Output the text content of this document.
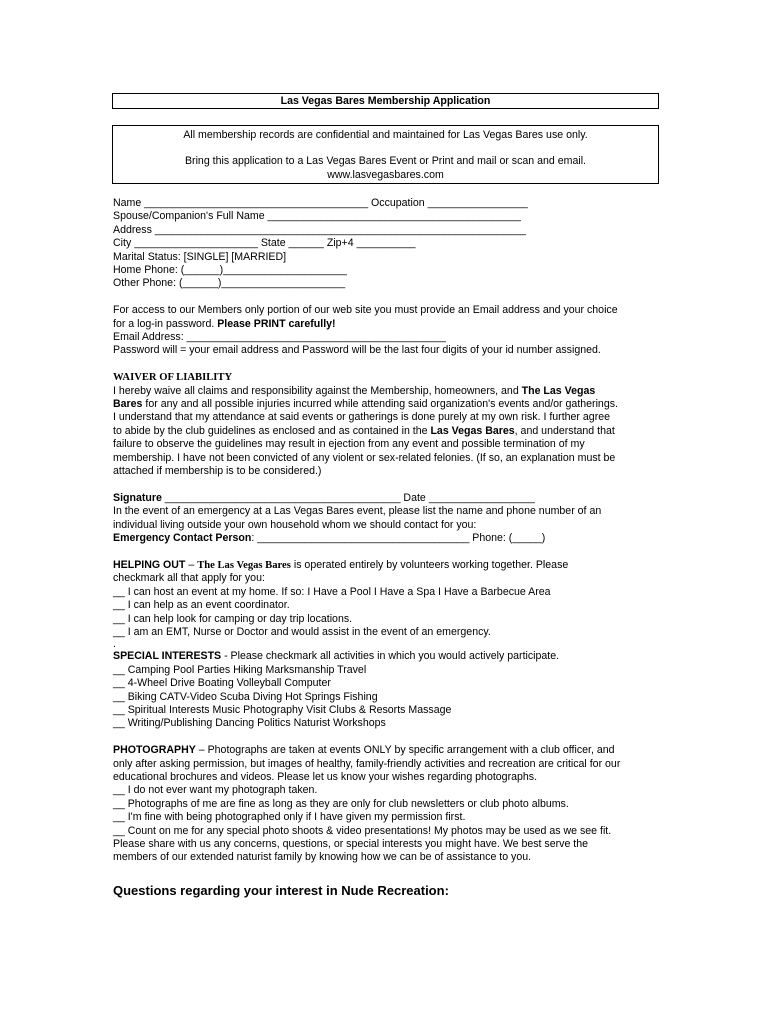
Las Vegas Bares Membership Application

All membership records are confidential and maintained for Las Vegas Bares use only.

Bring this application to a Las Vegas Bares Event or Print and mail or scan and email.

www.lasvegasbares.com

Name ______________________________________ Occupation _________________

Spouse/Companion's Full Name ___________________________________________

Address _______________________________________________________________

City _____________________ State ______ Zip+4 __________

Marital Status: [SINGLE] [MARRIED]

Home Phone: (______)_____________________

Other Phone: (______)_____________________

For access to our Members only portion of our web site you must provide an Email address and your choice

for a log-in password. Please PRINT carefully!

Email Address: ____________________________________________

Password will = your email address and Password will be the last four digits of your id number assigned.

WAIVER OF LIABILITY

I hereby waive all claims and responsibility against the Membership, homeowners, and The Las Vegas

Bares for any and all possible injuries incurred while attending said organization's events and/or gatherings.

I understand that my attendance at said events or gatherings is done purely at my own risk. I further agree

to abide by the club guidelines as enclosed and as contained in the Las Vegas Bares, and understand that

failure to observe the guidelines may result in ejection from any event and possible termination of my

membership. I have not been convicted of any violent or sex-related felonies. (If so, an explanation must be

attached if membership is to be considered.)

Signature ________________________________________ Date __________________

In the event of an emergency at a Las Vegas Bares event, please list the name and phone number of an

individual living outside your own household whom we should contact for you:

Emergency Contact Person: ____________________________________ Phone: (_____)

HELPING OUT – The Las Vegas Bares is operated entirely by volunteers working together. Please

checkmark all that apply for you:

__ I can host an event at my home. If so: I Have a Pool I Have a Spa I Have a Barbecue Area

__ I can help as an event coordinator.

__ I can help look for camping or day trip locations.

__ I am an EMT, Nurse or Doctor and would assist in the event of an emergency.

.

SPECIAL INTERESTS - Please checkmark all activities in which you would actively participate.

__ Camping Pool Parties Hiking Marksmanship Travel

__ 4-Wheel Drive Boating Volleyball Computer

__ Biking CATV-Video Scuba Diving Hot Springs Fishing

__ Spiritual Interests Music Photography Visit Clubs & Resorts Massage

__ Writing/Publishing Dancing Politics Naturist Workshops

PHOTOGRAPHY – Photographs are taken at events ONLY by specific arrangement with a club officer, and

only after asking permission, but images of healthy, family-friendly activities and recreation are critical for our

educational brochures and videos. Please let us know your wishes regarding photographs.

__ I do not ever want my photograph taken.

__ Photographs of me are fine as long as they are only for club newsletters or club photo albums.

__ I'm fine with being photographed only if I have given my permission first.

__ Count on me for any special photo shoots & video presentations! My photos may be used as we see fit.

Please share with us any concerns, questions, or special interests you might have. We best serve the

members of our extended naturist family by knowing how we can be of assistance to you.

Questions regarding your interest in Nude Recreation:
